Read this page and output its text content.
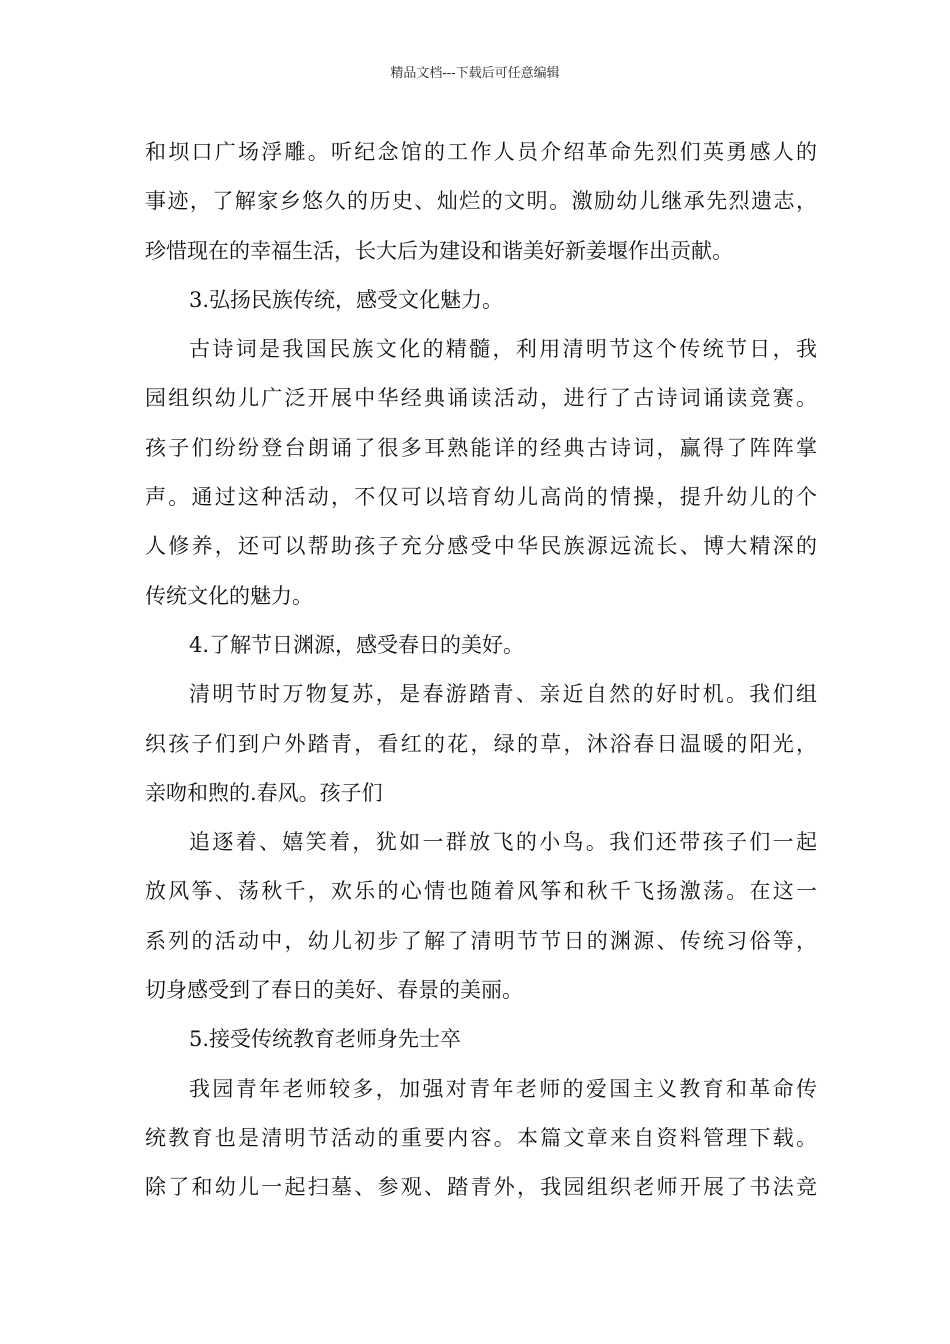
精品文档---下载后可任意编辑
和坝口广场浮雕。听纪念馆的工作人员介绍革命先烈们英勇感人的
事迹，了解家乡悠久的历史、灿烂的文明。激励幼儿继承先烈遗志，
珍惜现在的幸福生活，长大后为建设和谐美好新姜堰作出贡献。
3.弘扬民族传统，感受文化魅力。
古诗词是我国民族文化的精髓，利用清明节这个传统节日，我
园组织幼儿广泛开展中华经典诵读活动，进行了古诗词诵读竞赛。
孩子们纷纷登台朗诵了很多耳熟能详的经典古诗词，赢得了阵阵掌
声。通过这种活动，不仅可以培育幼儿高尚的情操，提升幼儿的个
人修养，还可以帮助孩子充分感受中华民族源远流长、博大精深的
传统文化的魅力。
4.了解节日渊源，感受春日的美好。
清明节时万物复苏，是春游踏青、亲近自然的好时机。我们组
织孩子们到户外踏青，看红的花，绿的草，沐浴春日温暖的阳光，
亲吻和煦的.春风。孩子们
追逐着、嬉笑着，犹如一群放飞的小鸟。我们还带孩子们一起
放风筝、荡秋千，欢乐的心情也随着风筝和秋千飞扬激荡。在这一
系列的活动中，幼儿初步了解了清明节节日的渊源、传统习俗等，
切身感受到了春日的美好、春景的美丽。
5.接受传统教育老师身先士卒
我园青年老师较多，加强对青年老师的爱国主义教育和革命传
统教育也是清明节活动的重要内容。本篇文章来自资料管理下载。
除了和幼儿一起扫墓、参观、踏青外，我园组织老师开展了书法竞
